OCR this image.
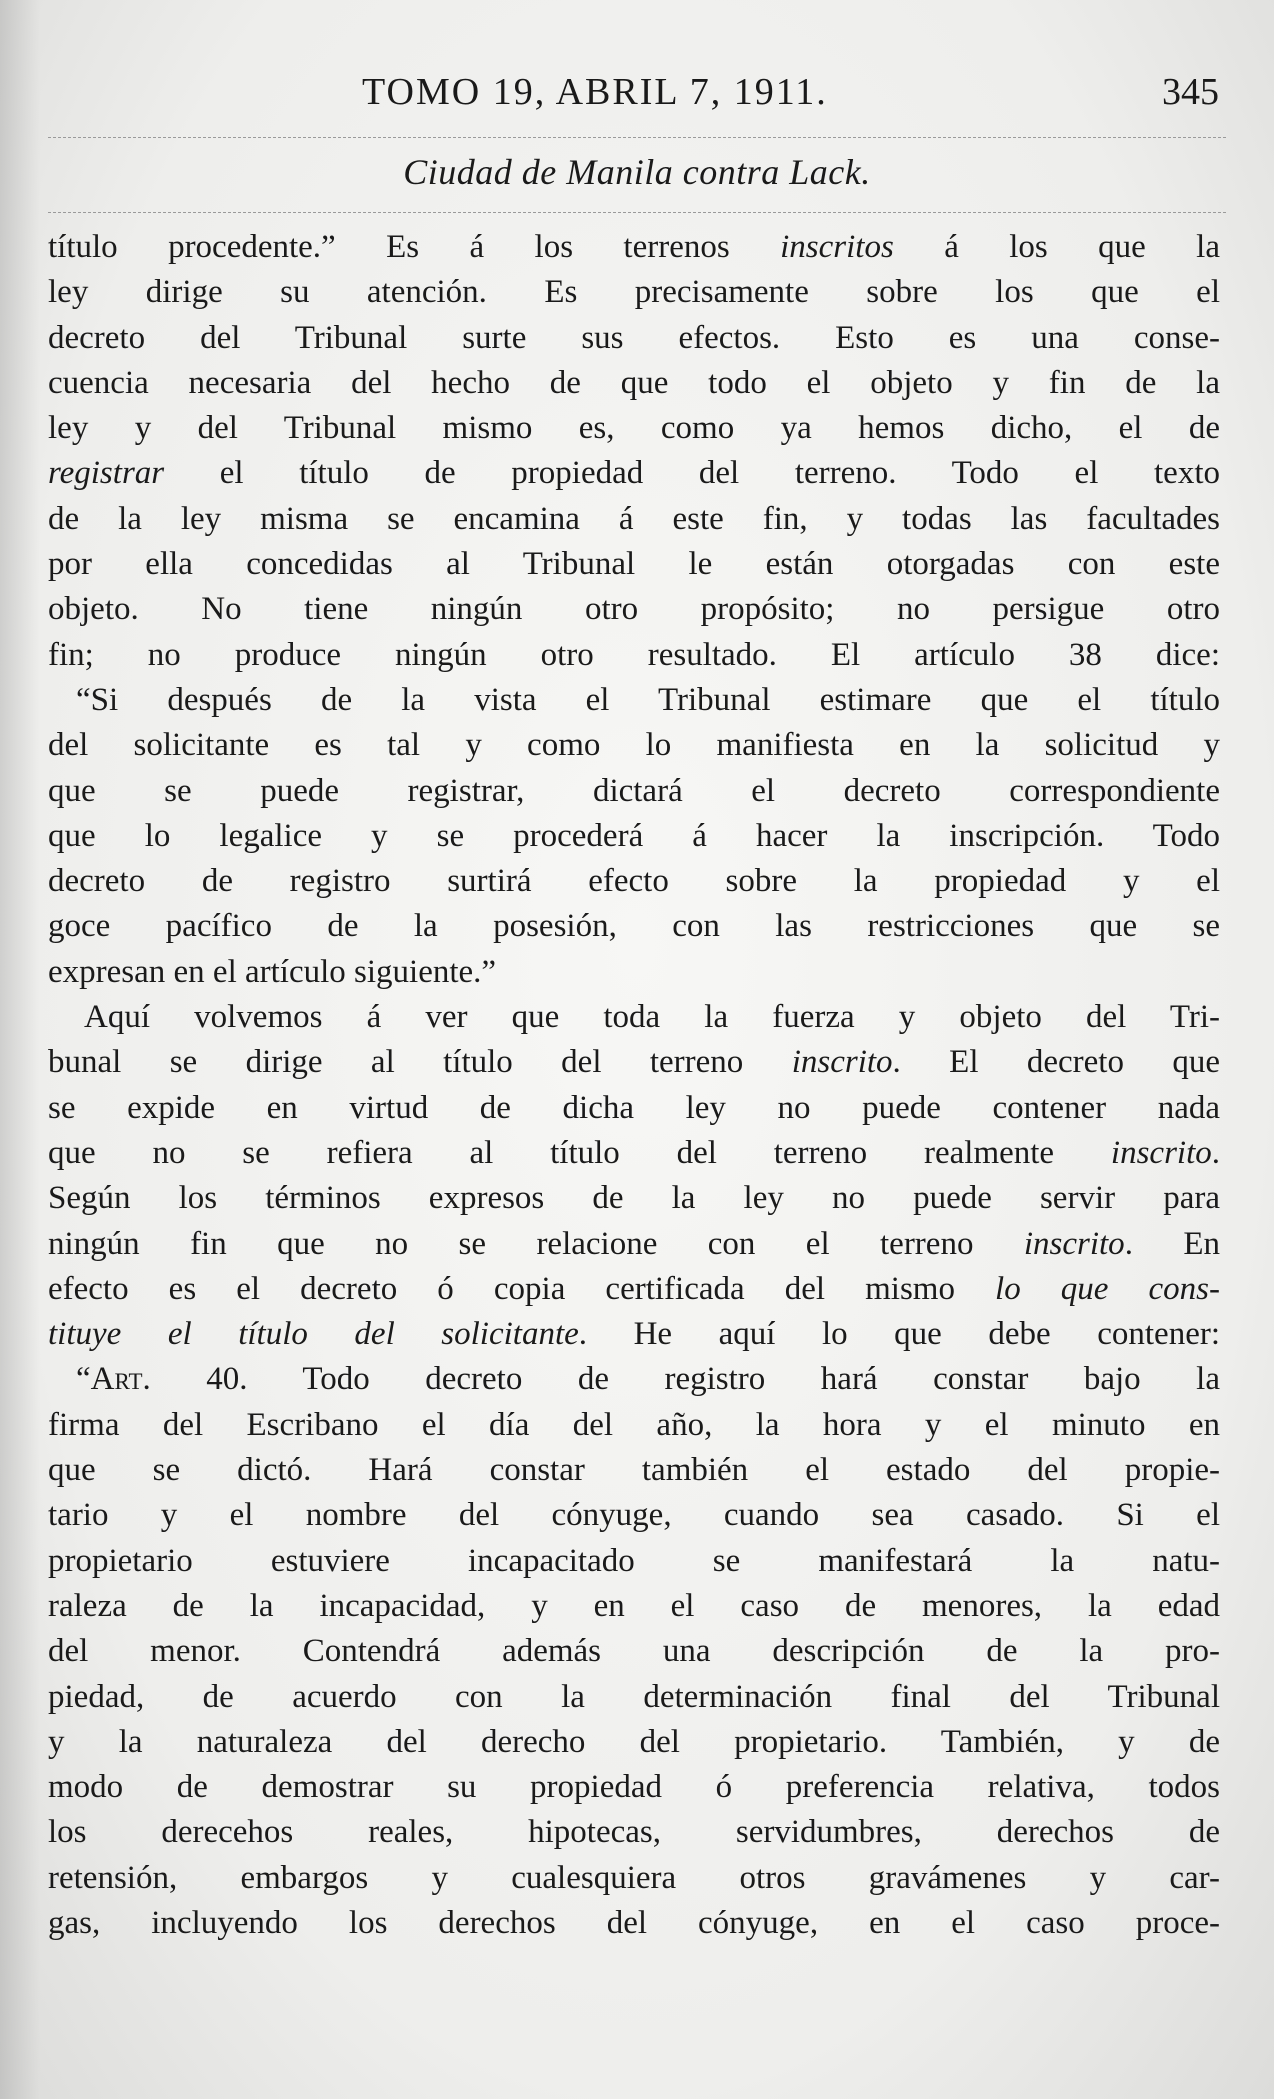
TOMO 19, ABRIL 7, 1911.	345
Ciudad de Manila contra Lack.
título procedente.” Es á los terrenos inscritos á los que la
ley dirige su atención. Es precisamente sobre los que el
decreto del Tribunal surte sus efectos. Esto es una conse-
cuencia necesaria del hecho de que todo el objeto y fin de la
ley y del Tribunal mismo es, como ya hemos dicho, el de
registrar el título de propiedad del terreno. Todo el texto
de la ley misma se encamina á este fin, y todas las facultades
por ella concedidas al Tribunal le están otorgadas con este
objeto. No tiene ningún otro propósito; no persigue otro
fin; no produce ningún otro resultado. El artículo 38 dice:
“Si después de la vista el Tribunal estimare que el título
del solicitante es tal y como lo manifiesta en la solicitud y
que se puede registrar, dictará el decreto correspondiente
que lo legalice y se procederá á hacer la inscripción. Todo
decreto de registro surtirá efecto sobre la propiedad y el
goce pacífico de la posesión, con las restricciones que se
expresan en el artículo siguiente.”
Aquí volvemos á ver que toda la fuerza y objeto del Tri-
bunal se dirige al título del terreno inscrito. El decreto que
se expide en virtud de dicha ley no puede contener nada
que no se refiera al título del terreno realmente inscrito.
Según los términos expresos de la ley no puede servir para
ningún fin que no se relacione con el terreno inscrito. En
efecto es el decreto ó copia certificada del mismo lo que cons-
tituye el título del solicitante. He aquí lo que debe contener:
“Art. 40. Todo decreto de registro hará constar bajo la
firma del Escribano el día del año, la hora y el minuto en
que se dictó. Hará constar también el estado del propie-
tario y el nombre del cónyuge, cuando sea casado. Si el
propietario estuviere incapacitado se manifestará la natu-
raleza de la incapacidad, y en el caso de menores, la edad
del menor. Contendrá además una descripción de la pro-
piedad, de acuerdo con la determinación final del Tribunal
y la naturaleza del derecho del propietario. También, y de
modo de demostrar su propiedad ó preferencia relativa, todos
los derecehos reales, hipotecas, servidumbres, derechos de
retensión, embargos y cualesquiera otros gravámenes y car-
gas, incluyendo los derechos del cónyuge, en el caso proce-
